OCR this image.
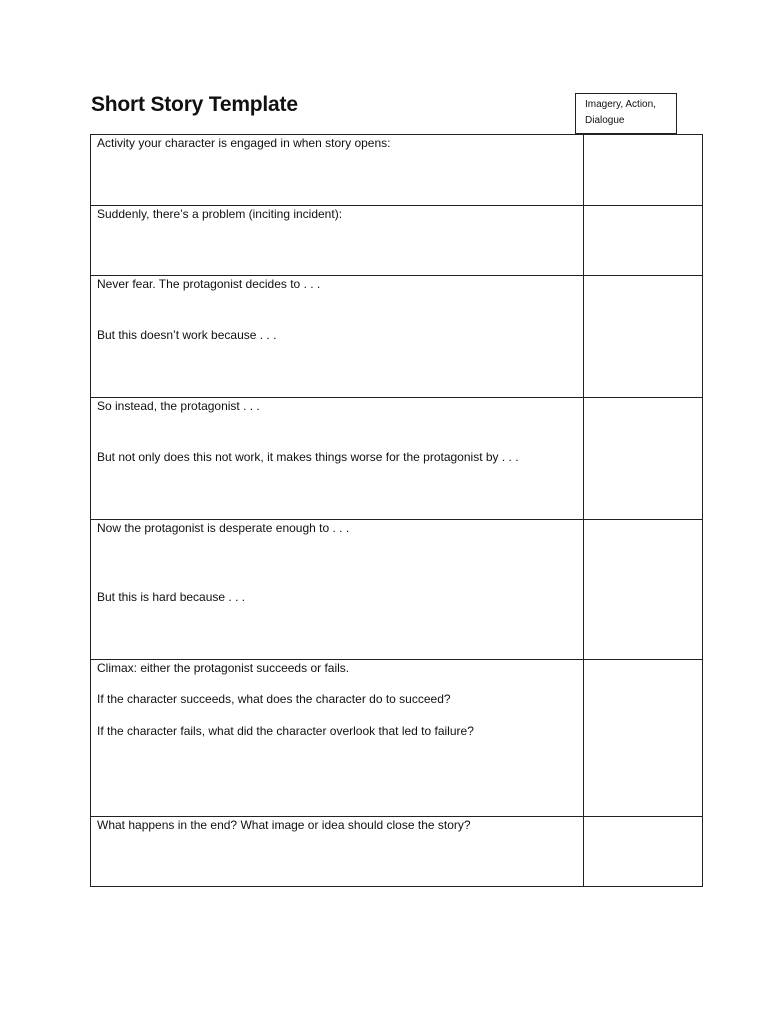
Short Story Template	Imagery, Action,
Dialogue
Activity your character is engaged in when story opens:	

Suddenly, there’s a problem (inciting incident):	

Never fear. The protagonist decides to . . .
But this doesn’t work because . . .	

So instead, the protagonist . . .
But not only does this not work, it makes things worse for the protagonist by . . .	

Now the protagonist is desperate enough to . . .
But this is hard because . . .	

Climax: either the protagonist succeeds or fails.
If the character succeeds, what does the character do to succeed?
If the character fails, what did the character overlook that led to failure?	

What happens in the end? What image or idea should close the story?	
